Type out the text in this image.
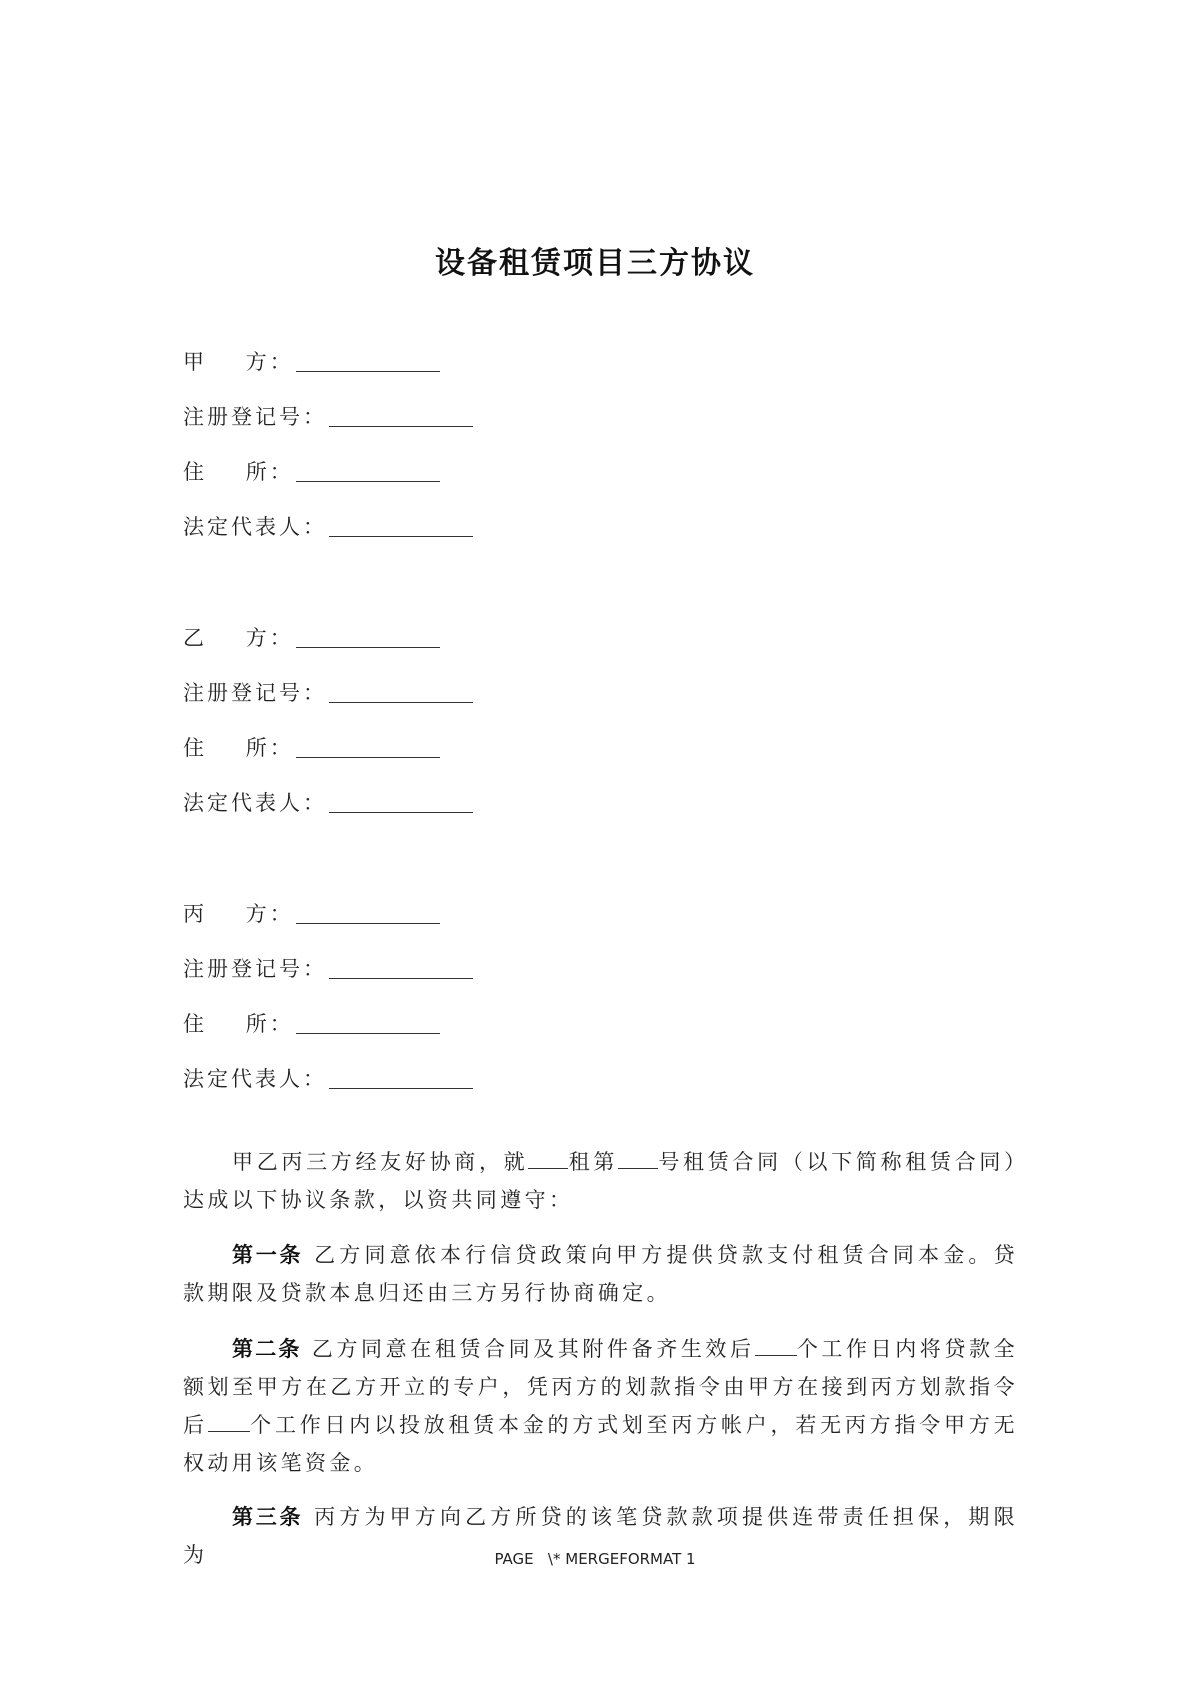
设备租赁项目三方协议
甲    方：
注册登记号：
住    所：
法定代表人：
乙    方：
注册登记号：
住    所：
法定代表人：
丙    方：
注册登记号：
住    所：
法定代表人：

甲乙丙三方经友好协商，就 租第 号租赁合同（以下简称租赁合同）达成以下协议条款，以资共同遵守：

第一条 乙方同意依本行信贷政策向甲方提供贷款支付租赁合同本金。贷款期限及贷款本息归还由三方另行协商确定。

第二条 乙方同意在租赁合同及其附件备齐生效后 个工作日内将贷款全额划至甲方在乙方开立的专户，凭丙方的划款指令由甲方在接到丙方划款指令后 个工作日内以投放租赁本金的方式划至丙方帐户，若无丙方指令甲方无权动用该笔资金。

第三条 丙方为甲方向乙方所贷的该笔贷款款项提供连带责任担保，期限为	PAGE   \* MERGEFORMAT 1
